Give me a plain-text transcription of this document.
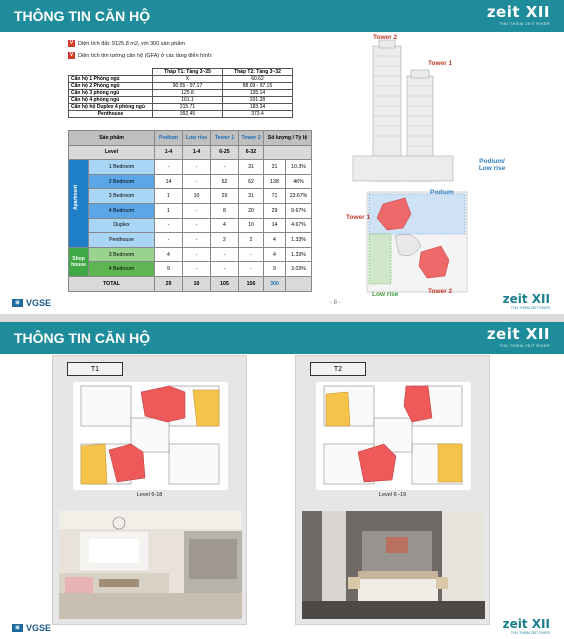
THÔNG TIN CĂN HỘ	zeit XII
THU THIEM ZEIT RIVER
V Diện tích đất: 9125.8 m2, với 300 sản phẩm
V Diện tích tim tường căn hộ (GFA) ở các tầng điển hình:
	Tháp T1: Tầng 3~25	Tháp T2: Tầng 3~32
Căn hộ 1 Phòng ngủ	X	60.62
Căn hộ 2 Phòng ngủ	90.55 - 97.17	88.09 - 97.15
Căn hộ 3 phòng ngủ	125.8	135.14
Căn hộ 4 phòng ngủ	161.1	201.28
Căn hộ hộ Duplex 4 phòng ngủ	215.71	183.34
Penthouse	392.45	373.4
Sản phẩm		Podium	Low rise	Tower 1	Tower 2	Số lượng / Tỷ lệ	
Level		1-4	1-4	6-25	6-32		

Apartment	1 Bedroom	-	-	-	31	31	10.3%
	2 Bedroom	14	-	62	62	138	46%
	3 Bedroom	1	10	29	31	71	23.67%
	4 Bedroom	1	-	8	20	29	9.67%
	Duplex	-	-	4	10	14	4.67%
	Penthouse	-	-	2	2	4	1.33%
Shop house	3 Bedroom	4	-	-	-	4	1.33%
	4 Bedroom	9	-	-	-	9	3.03%
TOTAL		29	10	105	156	300	
Tower 2
Tower 1
Podium/
Low rise
Podium
Tower 1
Tower 2
Low rise
- 8 -
⊞ VGSE	zeit XII
THU THIEM ZEIT RIVER
THÔNG TIN CĂN HỘ	zeit XII
THU THIEM ZEIT RIVER
⊞ VGSE	zeit XII
THU THIEM ZEIT RIVER
T1
Level 6-18
T2
Level 6 -19
